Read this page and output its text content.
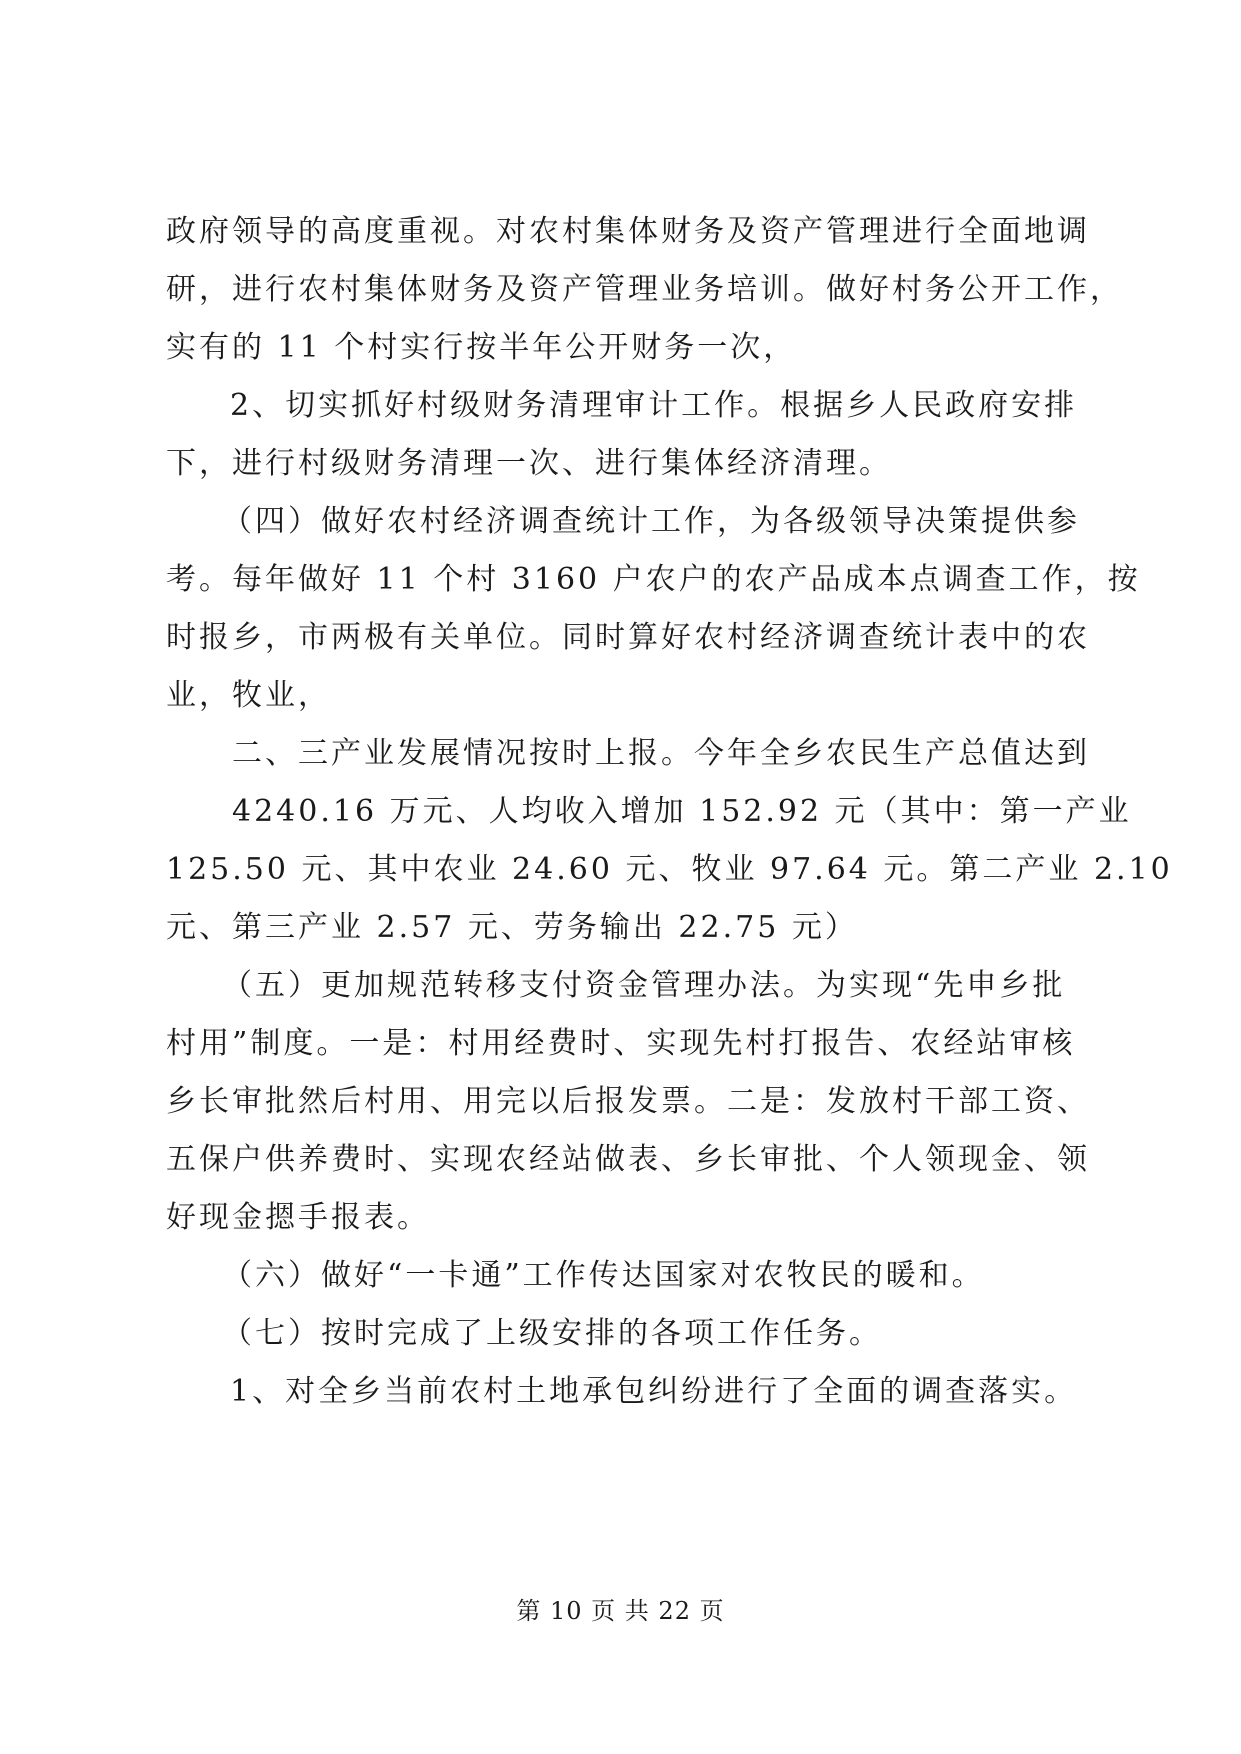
政府领导的高度重视。对农村集体财务及资产管理进行全面地调
研，进行农村集体财务及资产管理业务培训。做好村务公开工作，
实有的 11 个村实行按半年公开财务一次，
2、切实抓好村级财务清理审计工作。根据乡人民政府安排
下，进行村级财务清理一次、进行集体经济清理。
（四）做好农村经济调查统计工作，为各级领导决策提供参
考。每年做好 11 个村 3160 户农户的农产品成本点调查工作，按
时报乡，市两极有关单位。同时算好农村经济调查统计表中的农
业，牧业，
二、三产业发展情况按时上报。今年全乡农民生产总值达到
4240.16 万元、人均收入增加 152.92 元（其中：第一产业
125.50 元、其中农业 24.60 元、牧业 97.64 元。第二产业 2.10
元、第三产业 2.57 元、劳务输出 22.75 元）
（五）更加规范转移支付资金管理办法。为实现“先申乡批
村用”制度。一是：村用经费时、实现先村打报告、农经站审核
乡长审批然后村用、用完以后报发票。二是：发放村干部工资、
五保户供养费时、实现农经站做表、乡长审批、个人领现金、领
好现金摁手报表。
（六）做好“一卡通”工作传达国家对农牧民的暖和。
（七）按时完成了上级安排的各项工作任务。
1、对全乡当前农村土地承包纠纷进行了全面的调查落实。
第 10 页 共 22 页
